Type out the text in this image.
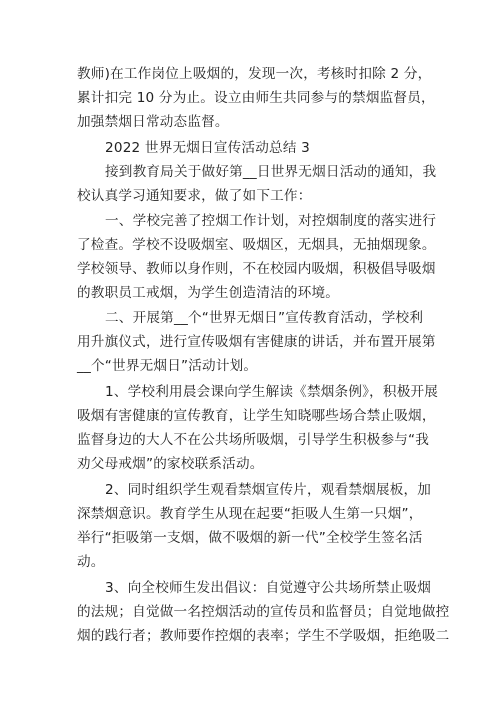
教师)在工作岗位上吸烟的，发现一次，考核时扣除 2 分，
累计扣完 10 分为止。设立由师生共同参与的禁烟监督员，
加强禁烟日常动态监督。
2022 世界无烟日宣传活动总结 3
接到教育局关于做好第__日世界无烟日活动的通知，我
校认真学习通知要求，做了如下工作：
一、学校完善了控烟工作计划，对控烟制度的落实进行
了检查。学校不设吸烟室、吸烟区，无烟具，无抽烟现象。
学校领导、教师以身作则，不在校园内吸烟，积极倡导吸烟
的教职员工戒烟，为学生创造清洁的环境。
二、开展第__个“世界无烟日”宣传教育活动，学校利
用升旗仪式，进行宣传吸烟有害健康的讲话，并布置开展第
__个“世界无烟日”活动计划。
1、学校利用晨会课向学生解读《禁烟条例》，积极开展
吸烟有害健康的宣传教育，让学生知晓哪些场合禁止吸烟，
监督身边的大人不在公共场所吸烟，引导学生积极参与“我
劝父母戒烟”的家校联系活动。
2、同时组织学生观看禁烟宣传片，观看禁烟展板，加
深禁烟意识。教育学生从现在起要“拒吸人生第一只烟”，
举行“拒吸第一支烟，做不吸烟的新一代”全校学生签名活
动。
3、向全校师生发出倡议：自觉遵守公共场所禁止吸烟
的法规；自觉做一名控烟活动的宣传员和监督员；自觉地做控
烟的践行者；教师要作控烟的表率；学生不学吸烟，拒绝吸二
